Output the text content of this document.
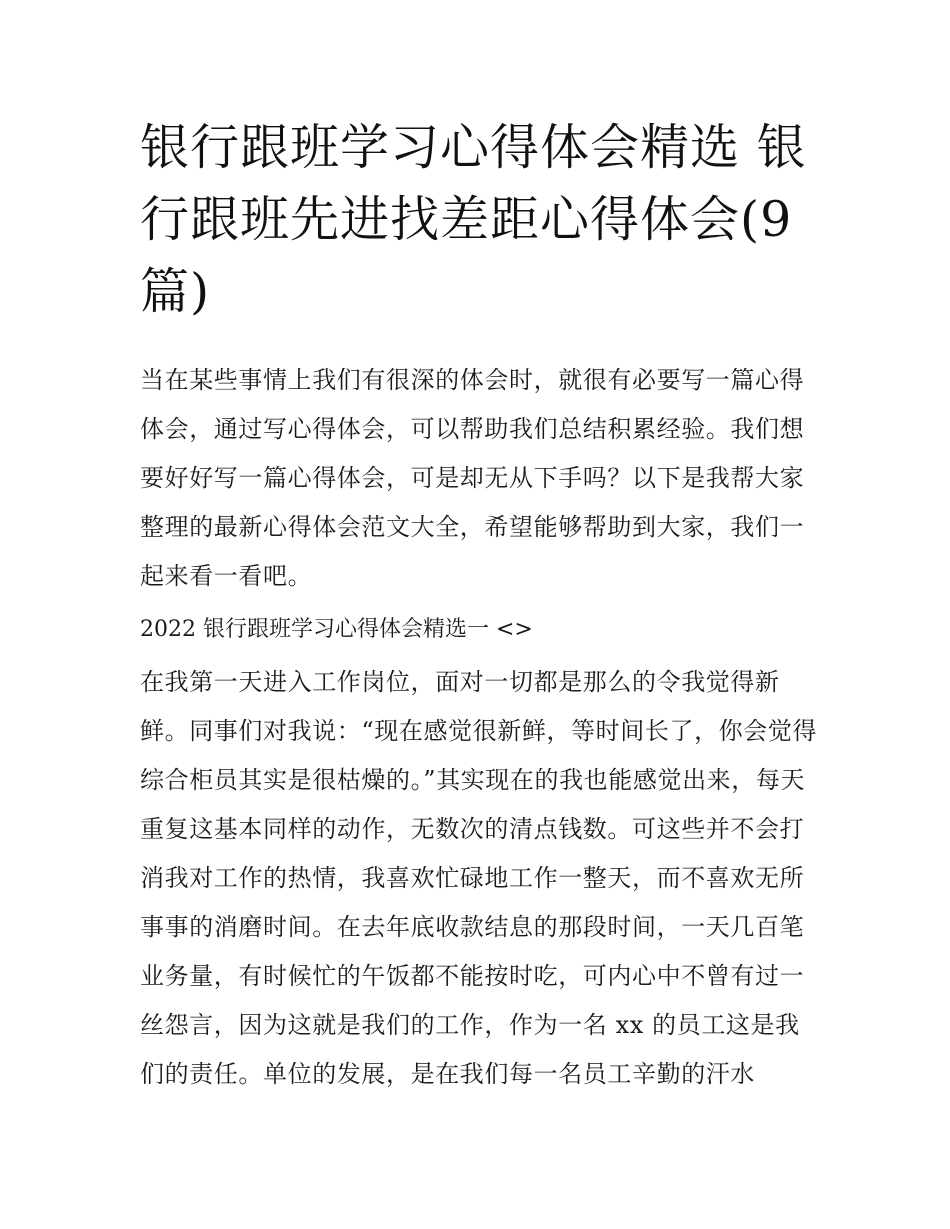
银行跟班学习心得体会精选 银行跟班先进找差距心得体会(9篇)

当在某些事情上我们有很深的体会时，就很有必要写一篇心得体会，通过写心得体会，可以帮助我们总结积累经验。我们想要好好写一篇心得体会，可是却无从下手吗？以下是我帮大家整理的最新心得体会范文大全，希望能够帮助到大家，我们一起来看一看吧。

2022 银行跟班学习心得体会精选一 <>

在我第一天进入工作岗位，面对一切都是那么的令我觉得新鲜。同事们对我说：“现在感觉很新鲜，等时间长了，你会觉得综合柜员其实是很枯燥的。”其实现在的我也能感觉出来，每天重复这基本同样的动作，无数次的清点钱数。可这些并不会打消我对工作的热情，我喜欢忙碌地工作一整天，而不喜欢无所事事的消磨时间。在去年底收款结息的那段时间，一天几百笔业务量，有时候忙的午饭都不能按时吃，可内心中不曾有过一丝怨言，因为这就是我们的工作，作为一名 xx 的员工这是我们的责任。单位的发展，是在我们每一名员工辛勤的汗水
